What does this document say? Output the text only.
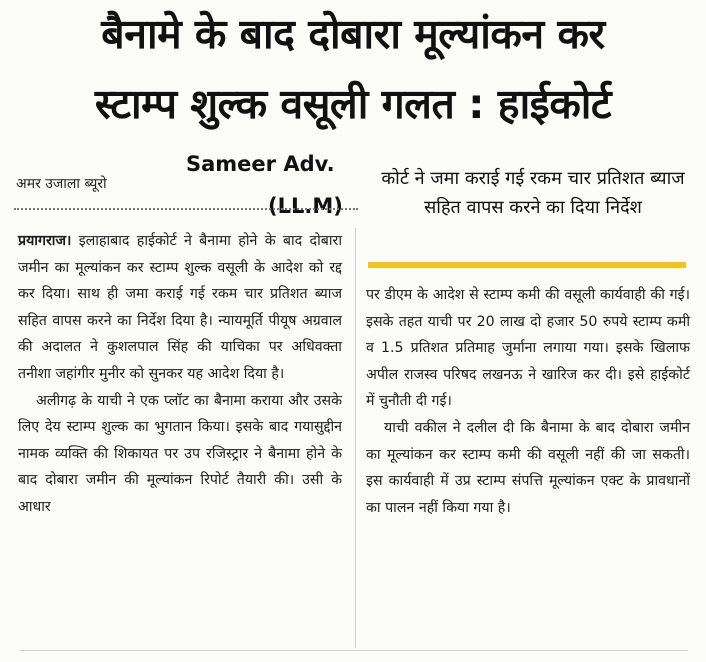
बैनामे के बाद दोबारा मूल्यांकन कर
स्टाम्प शुल्क वसूली गलत : हाईकोर्ट
अमर उजाला ब्यूरो
Sameer Adv.
(LL.M)
कोर्ट ने जमा कराई गई रकम चार प्रतिशत ब्याज सहित वापस करने का दिया निर्देश

प्रयागराज। इलाहाबाद हाईकोर्ट ने बैनामा होने के बाद दोबारा जमीन का मूल्यांकन कर स्टाम्प शुल्क वसूली के आदेश को रद्द कर दिया। साथ ही जमा कराई गई रकम चार प्रतिशत ब्याज सहित वापस करने का निर्देश दिया है। न्यायमूर्ति पीयूष अग्रवाल की अदालत ने कुशलपाल सिंह की याचिका पर अधिवक्ता तनीशा जहांगीर मुनीर को सुनकर यह आदेश दिया है।

अलीगढ़ के याची ने एक प्लॉट का बैनामा कराया और उसके लिए देय स्टाम्प शुल्क का भुगतान किया। इसके बाद गयासुद्दीन नामक व्यक्ति की शिकायत पर उप रजिस्ट्रार ने बैनामा होने के बाद दोबारा जमीन की मूल्यांकन रिपोर्ट तैयारी की। उसी के आधार

पर डीएम के आदेश से स्टाम्प कमी की वसूली कार्यवाही की गई। इसके तहत याची पर 20 लाख दो हजार 50 रुपये स्टाम्प कमी व 1.5 प्रतिशत प्रतिमाह जुर्माना लगाया गया। इसके खिलाफ अपील राजस्व परिषद लखनऊ ने खारिज कर दी। इसे हाईकोर्ट में चुनौती दी गई।

याची वकील ने दलील दी कि बैनामा के बाद दोबारा जमीन का मूल्यांकन कर स्टाम्प कमी की वसूली नहीं की जा सकती। इस कार्यवाही में उप्र स्टाम्प संपत्ति मूल्यांकन एक्ट के प्रावधानों का पालन नहीं किया गया है।
